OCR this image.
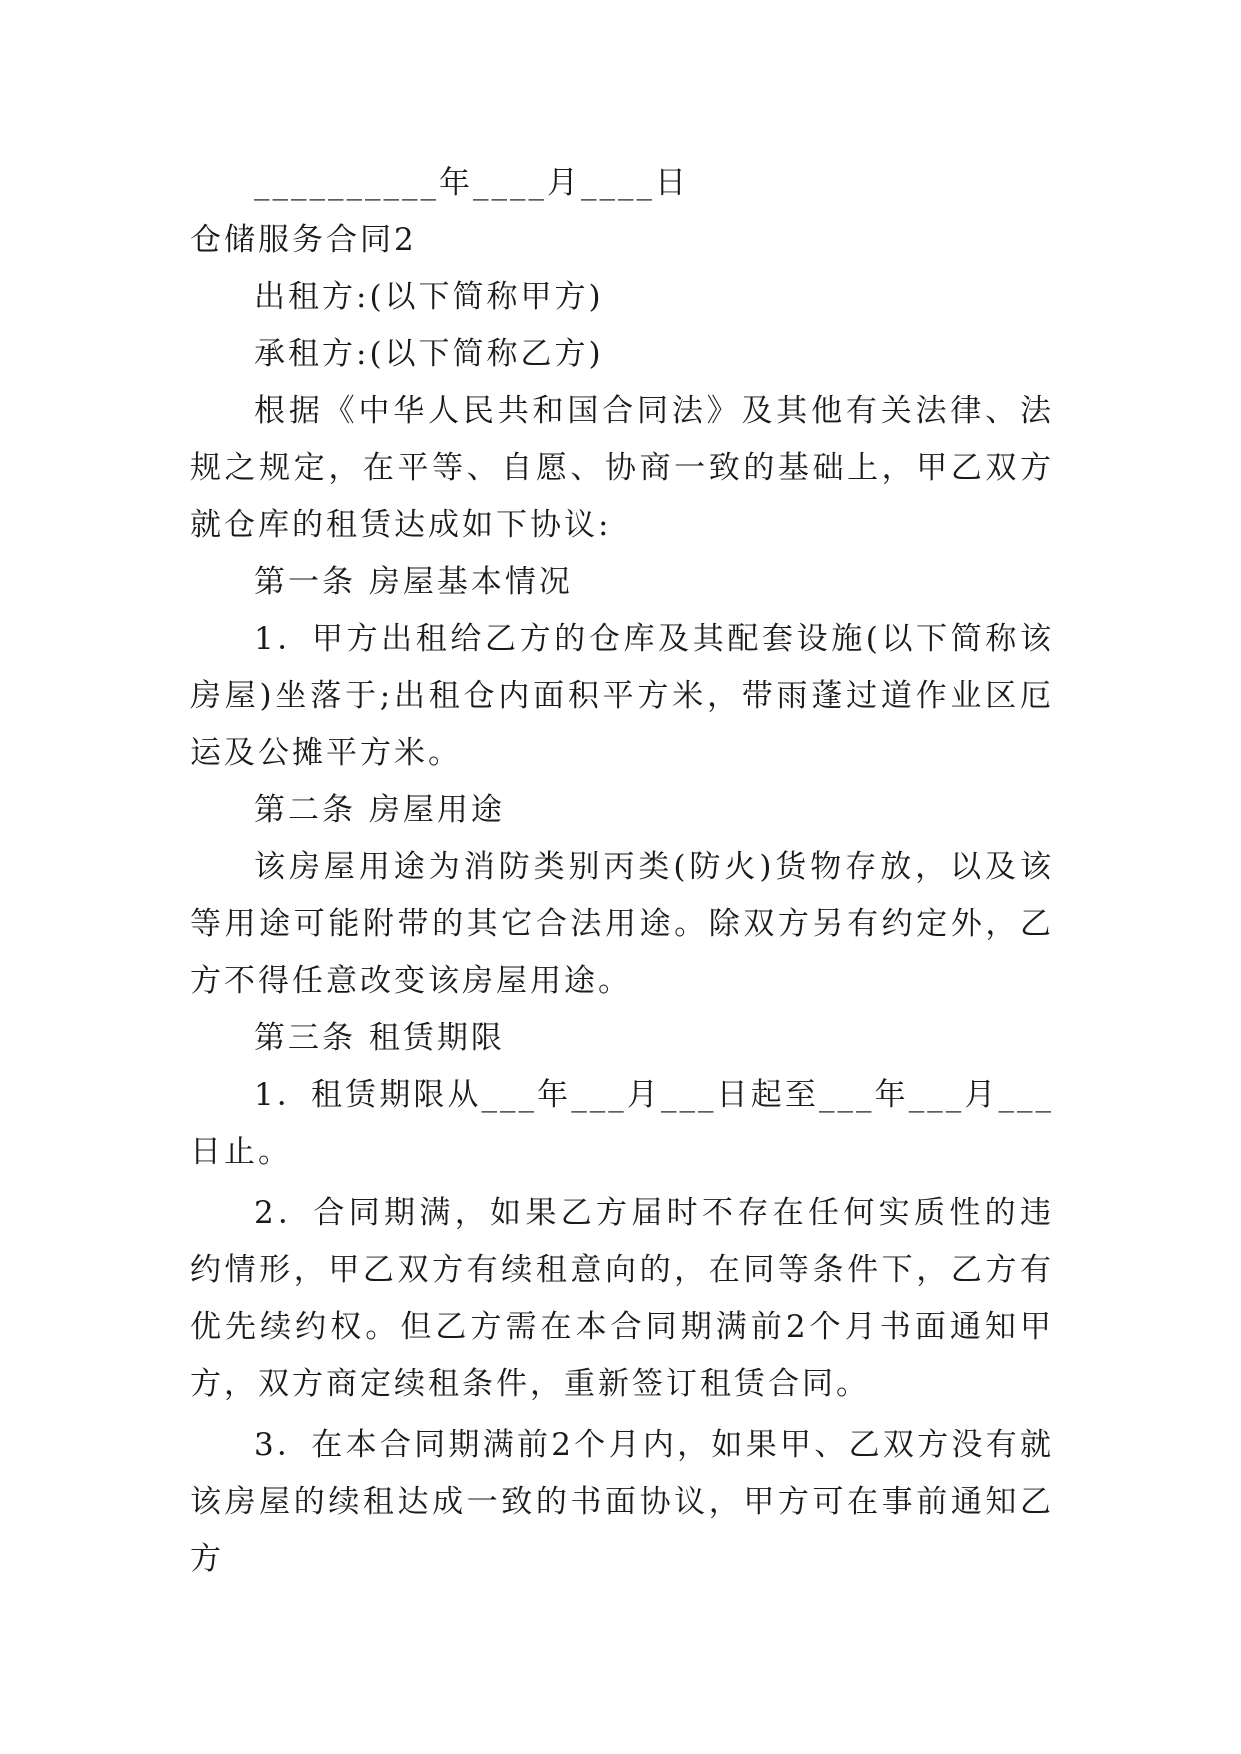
__________年____月____日

仓储服务合同2

出租方:(以下简称甲方)

承租方:(以下简称乙方)

根据《中华人民共和国合同法》及其他有关法律、法规之规定，在平等、自愿、协商一致的基础上，甲乙双方就仓库的租赁达成如下协议:

第一条 房屋基本情况

1．甲方出租给乙方的仓库及其配套设施(以下简称该房屋)坐落于;出租仓内面积平方米，带雨蓬过道作业区厄运及公摊平方米。

第二条 房屋用途

该房屋用途为消防类别丙类(防火)货物存放，以及该等用途可能附带的其它合法用途。除双方另有约定外，乙方不得任意改变该房屋用途。

第三条 租赁期限

1．租赁期限从___年___月___日起至___年___月___日止。

2．合同期满，如果乙方届时不存在任何实质性的违约情形，甲乙双方有续租意向的，在同等条件下，乙方有优先续约权。但乙方需在本合同期满前2个月书面通知甲方，双方商定续租条件，重新签订租赁合同。

3．在本合同期满前2个月内，如果甲、乙双方没有就该房屋的续租达成一致的书面协议，甲方可在事前通知乙方
